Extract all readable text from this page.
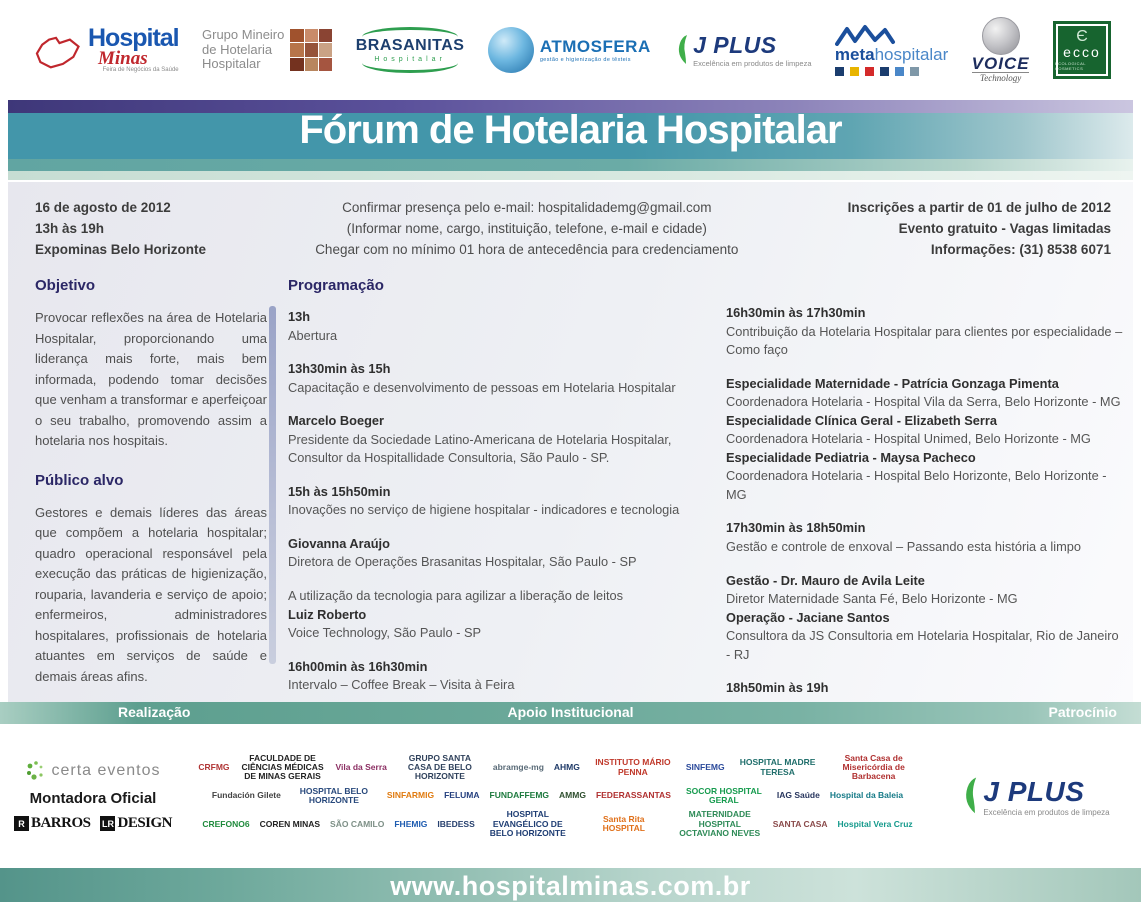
Hospital
Minas
Feira de Negócios da Saúde
Grupo Mineiro
de Hotelaria
Hospitalar
BRASANITAS
Hospitalar
ATMOSFERA
gestão e higienização de têxteis
J PLUS
Excelência em produtos de limpeza metahospitalar VOICE
Technology
Є
ecco
ECOLOGICAL COSMETICS
Fórum de Hotelaria Hospitalar
16 de agosto de 2012
13h às 19h
Expominas Belo Horizonte
Confirmar presença pelo e-mail: hospitalidademg@gmail.com
(Informar nome, cargo, instituição, telefone, e-mail e cidade)
Chegar com no mínimo 01 hora de antecedência para credenciamento
Inscrições a partir de 01 de julho de 2012
Evento gratuito - Vagas limitadas
Informações: (31) 8538 6071
Objetivo

Provocar reflexões na área de Hotelaria Hospitalar, proporcionando uma liderança mais forte, mais bem informada, podendo tomar decisões que venham a transformar e aperfeiçoar o seu trabalho, promovendo assim a hotelaria nos hospitais.

Público alvo

Gestores e demais líderes das áreas que compõem a hotelaria hospitalar; quadro operacional responsável pela execução das práticas de higienização, rouparia, lavanderia e serviço de apoio; enfermeiros, administradores hospitalares, profissionais de hotelaria atuantes em serviços de saúde e demais áreas afins.

Programação
13h
Abertura
13h30min às 15h
Capacitação e desenvolvimento de pessoas em Hotelaria Hospitalar
Marcelo Boeger
Presidente da Sociedade Latino-Americana de Hotelaria Hospitalar, Consultor da Hospitallidade Consultoria, São Paulo - SP.
15h às 15h50min
Inovações no serviço de higiene hospitalar - indicadores e tecnologia
Giovanna Araújo
Diretora de Operações Brasanitas Hospitalar, São Paulo - SP
A utilização da tecnologia para agilizar a liberação de leitos
Luiz Roberto
Voice Technology, São Paulo - SP
16h00min às 16h30min
Intervalo – Coffee Break – Visita à Feira
16h30min às 17h30min
Contribuição da Hotelaria Hospitalar para clientes por especialidade – Como faço
Especialidade Maternidade - Patrícia Gonzaga Pimenta
Coordenadora Hotelaria - Hospital Vila da Serra, Belo Horizonte - MG
Especialidade Clínica Geral - Elizabeth Serra
Coordenadora Hotelaria - Hospital Unimed, Belo Horizonte - MG
Especialidade Pediatria - Maysa Pacheco
Coordenadora Hotelaria - Hospital Belo Horizonte, Belo Horizonte - MG
17h30min às 18h50min
Gestão e controle de enxoval – Passando esta história a limpo
Gestão - Dr. Mauro de Avila Leite
Diretor Maternidade Santa Fé, Belo Horizonte - MG
Operação - Jaciane Santos
Consultora da JS Consultoria em Hotelaria Hospitalar, Rio de Janeiro - RJ
18h50min às 19h
Realização	Apoio Institucional	Patrocínio
certa eventos
Montadora Oficial
R BARROS LR DESIGN
CRFMG
FACULDADE DE CIÊNCIAS MÉDICAS DE MINAS GERAIS
Vila da Serra
GRUPO SANTA CASA DE BELO HORIZONTE
abramge-mg AHMG	INSTITUTO MÁRIO PENNA	SINFEMG	HOSPITAL MADRE TERESA
Santa Casa de Misericórdia de Barbacena
Fundación Gilete	HOSPITAL BELO HORIZONTE	SINFARMIG FELUMA FUNDAFFEMG AMMG FEDERASSANTAS	SOCOR HOSPITAL GERAL	IAG Saúde Hospital da Baleia
CREFONO6 COREN MINAS SÃO CAMILO FHEMIG IBEDESS
HOSPITAL EVANGÉLICO DE BELO HORIZONTE
Santa Rita HOSPITAL
MATERNIDADE HOSPITAL OCTAVIANO NEVES
SANTA CASA Hospital Vera Cruz
J PLUS
Excelência em produtos de limpeza
www.hospitalminas.com.br
